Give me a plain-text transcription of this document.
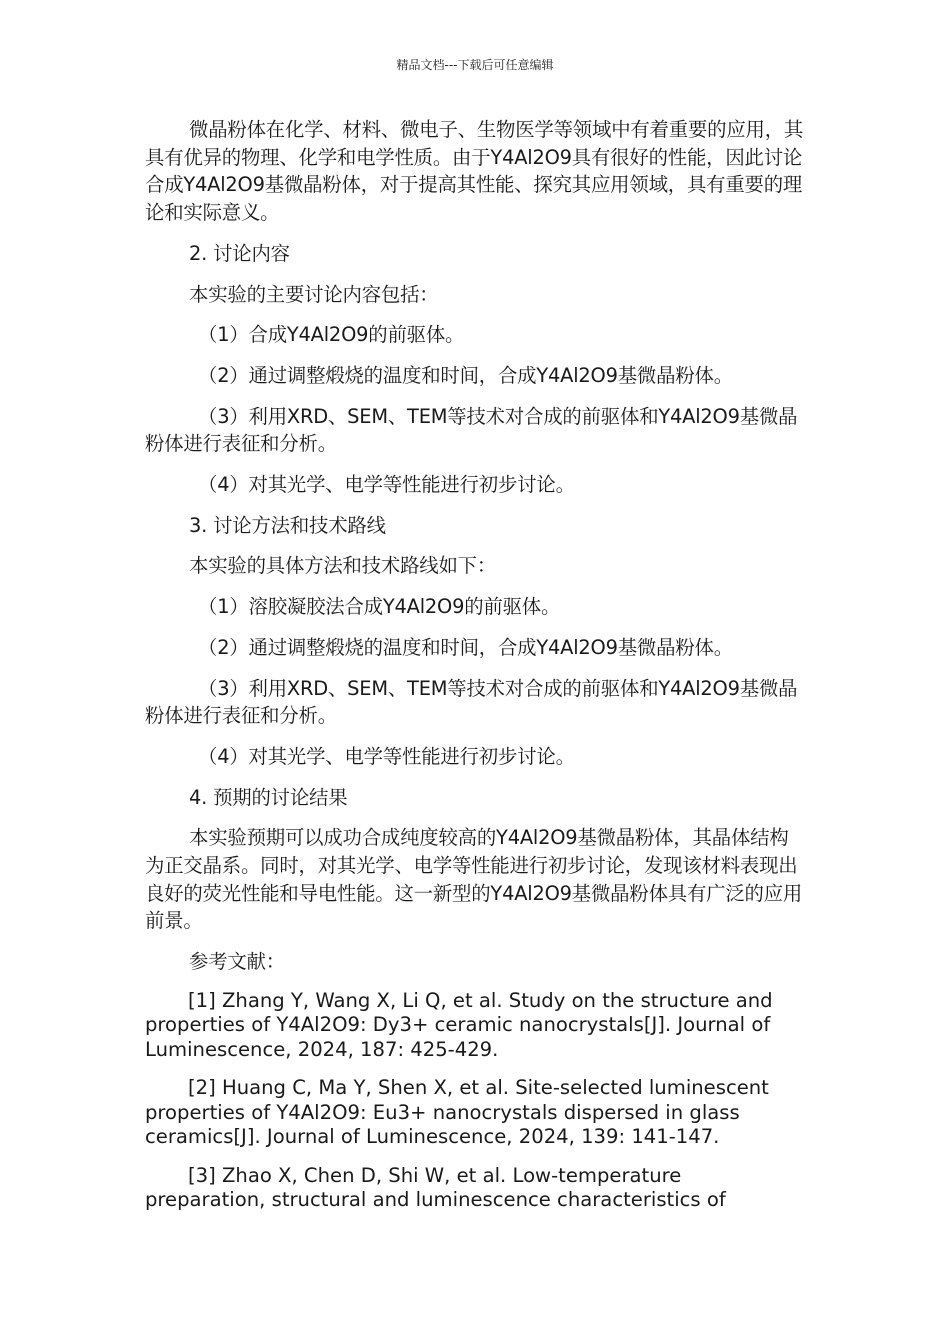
精品文档---下载后可任意编辑

微晶粉体在化学、材料、微电子、生物医学等领域中有着重要的应用，其具有优异的物理、化学和电学性质。由于Y4Al2O9具有很好的性能，因此讨论合成Y4Al2O9基微晶粉体，对于提高其性能、探究其应用领域，具有重要的理论和实际意义。

2. 讨论内容

本实验的主要讨论内容包括：

（1）合成Y4Al2O9的前驱体。

（2）通过调整煅烧的温度和时间，合成Y4Al2O9基微晶粉体。

（3）利用XRD、SEM、TEM等技术对合成的前驱体和Y4Al2O9基微晶粉体进行表征和分析。

（4）对其光学、电学等性能进行初步讨论。

3. 讨论方法和技术路线

本实验的具体方法和技术路线如下：

（1）溶胶凝胶法合成Y4Al2O9的前驱体。

（2）通过调整煅烧的温度和时间，合成Y4Al2O9基微晶粉体。

（3）利用XRD、SEM、TEM等技术对合成的前驱体和Y4Al2O9基微晶粉体进行表征和分析。

（4）对其光学、电学等性能进行初步讨论。

4. 预期的讨论结果

本实验预期可以成功合成纯度较高的Y4Al2O9基微晶粉体，其晶体结构为正交晶系。同时，对其光学、电学等性能进行初步讨论，发现该材料表现出良好的荧光性能和导电性能。这一新型的Y4Al2O9基微晶粉体具有广泛的应用前景。

参考文献：

[1] Zhang Y, Wang X, Li Q, et al. Study on the structure and properties of Y4Al2O9: Dy3+ ceramic nanocrystals[J]. Journal of Luminescence, 2024, 187: 425-429.

[2] Huang C, Ma Y, Shen X, et al. Site-selected luminescent properties of Y4Al2O9: Eu3+ nanocrystals dispersed in glass ceramics[J]. Journal of Luminescence, 2024, 139: 141-147.

[3] Zhao X, Chen D, Shi W, et al. Low-temperature preparation, structural and luminescence characteristics of
